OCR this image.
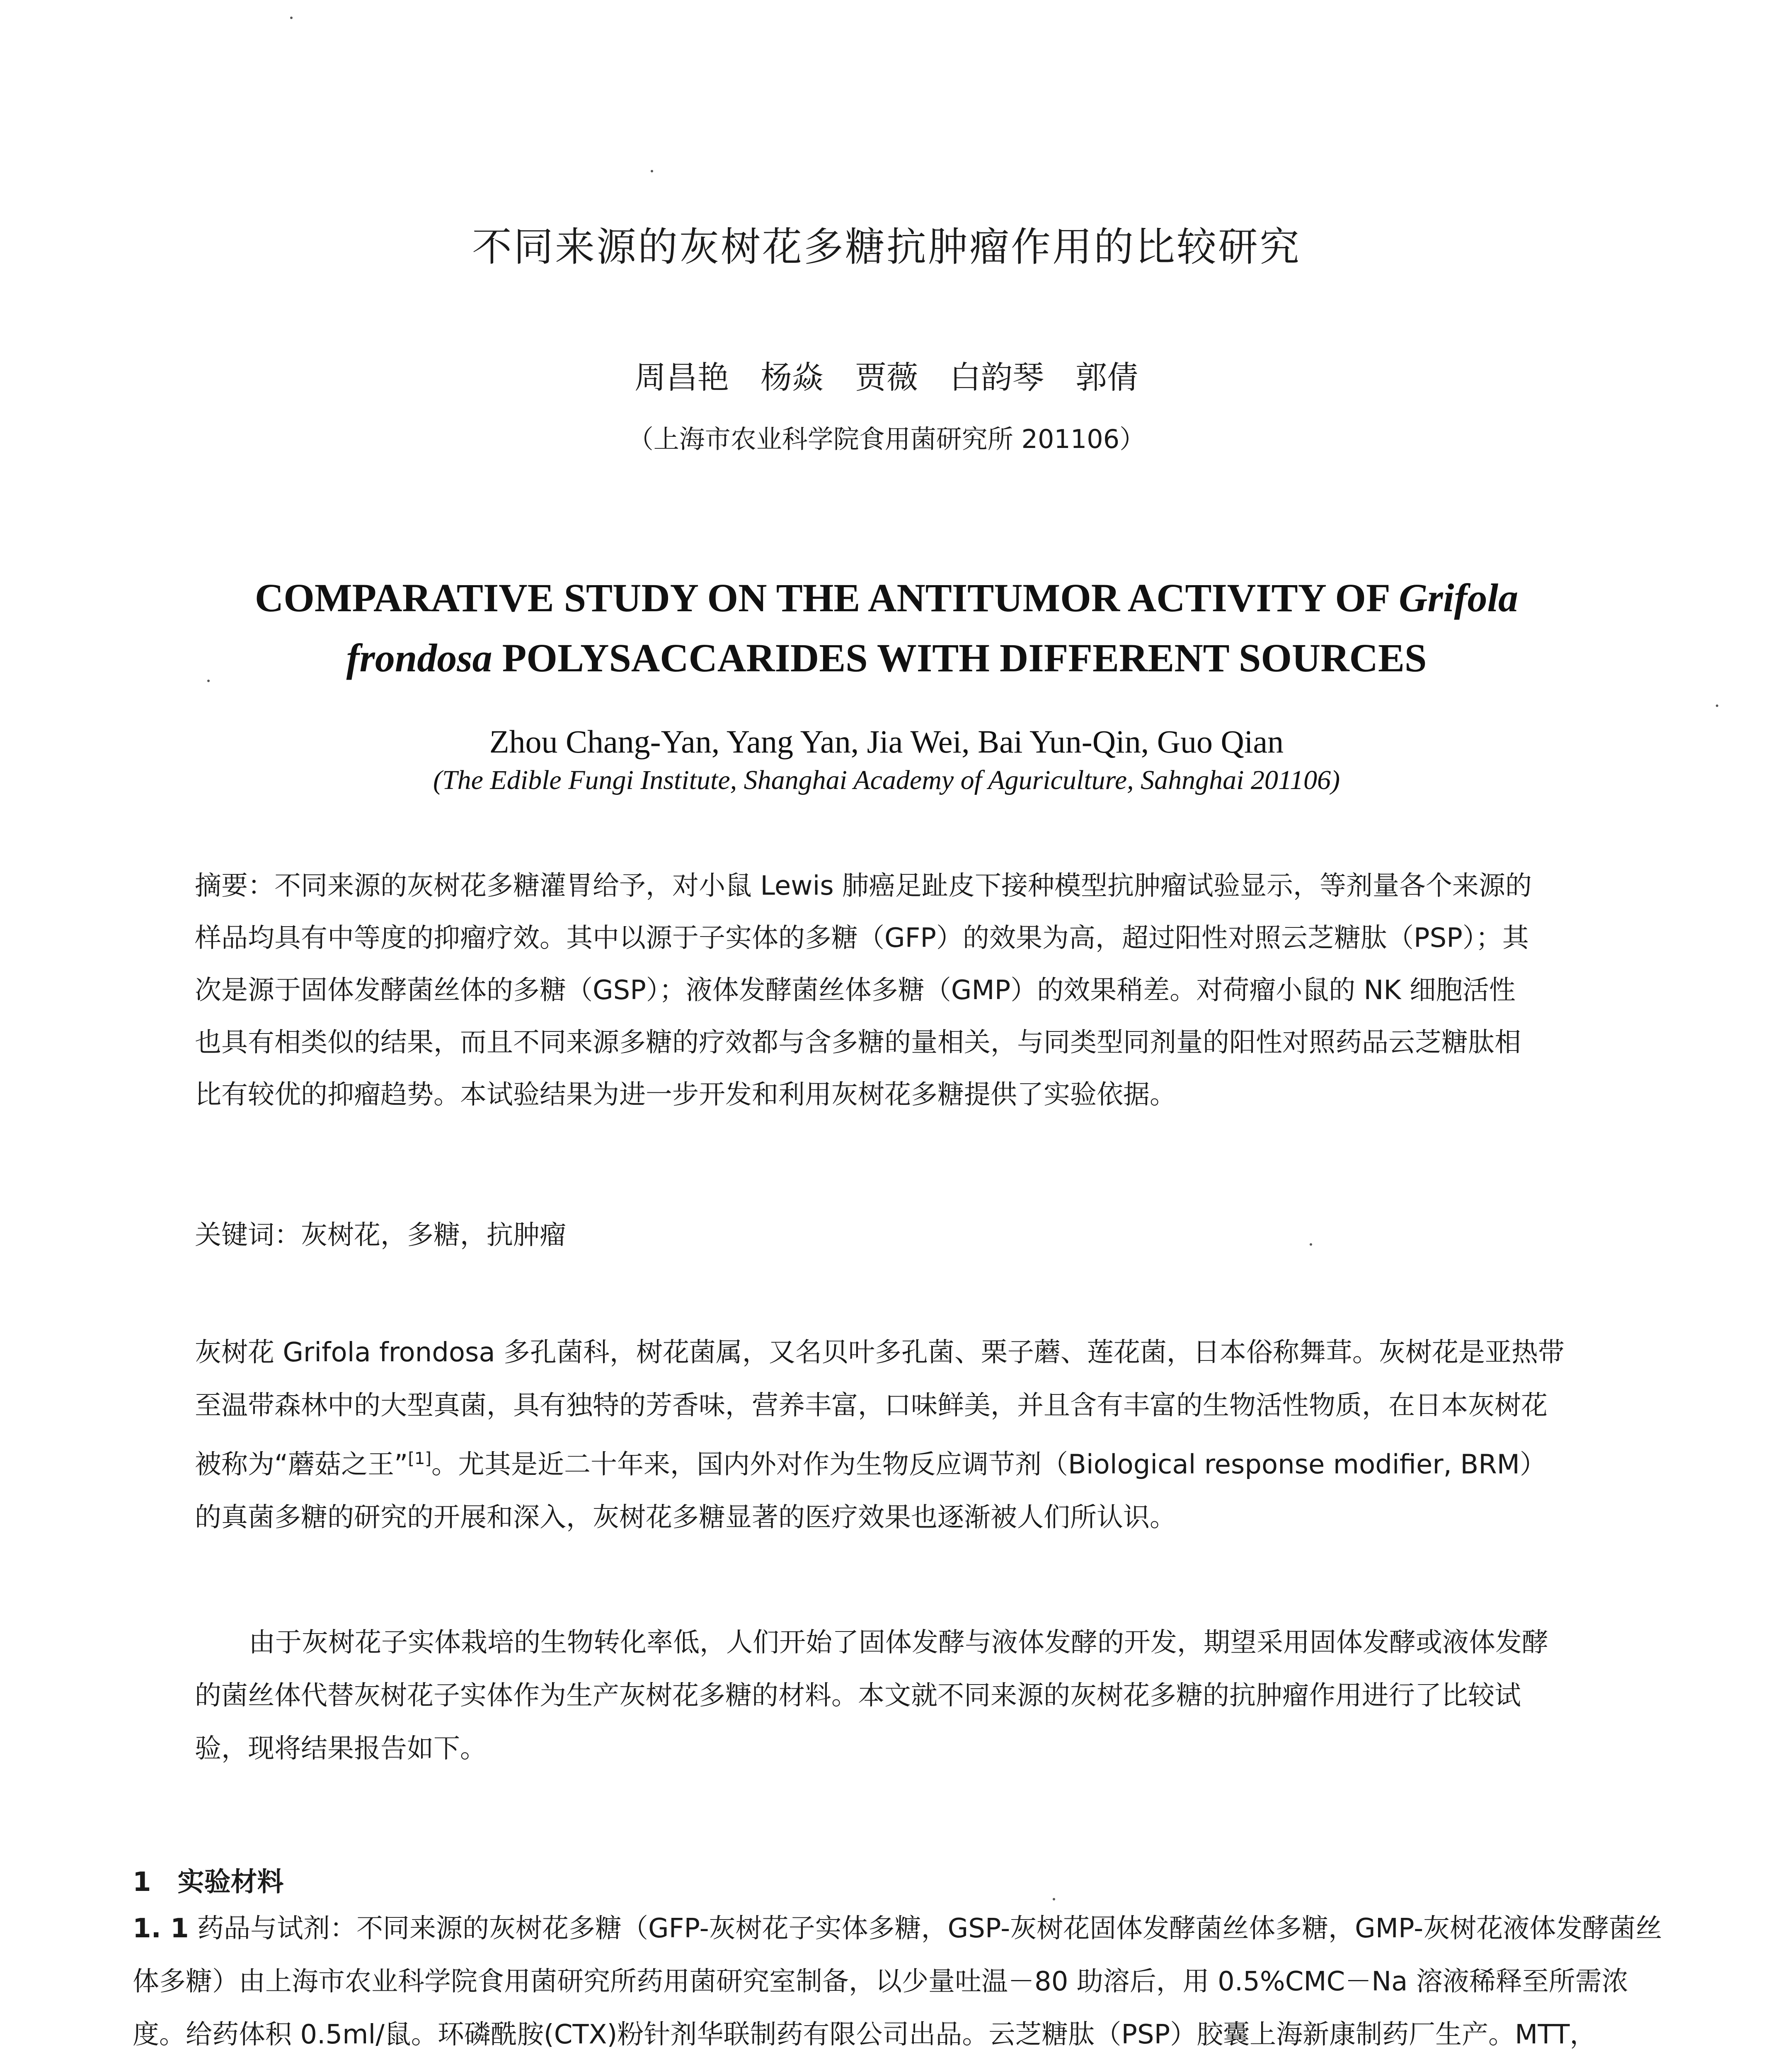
不同来源的灰树花多糖抗肿瘤作用的比较研究
周昌艳　杨焱　贾薇　白韵琴　郭倩
（上海市农业科学院食用菌研究所 201106）
COMPARATIVE STUDY ON THE ANTITUMOR ACTIVITY OF Grifola
frondosa POLYSACCARIDES WITH DIFFERENT SOURCES
Zhou Chang-Yan, Yang Yan, Jia Wei, Bai Yun-Qin, Guo Qian
(The Edible Fungi Institute, Shanghai Academy of Aguriculture, Sahnghai 201106)
摘要：不同来源的灰树花多糖灌胃给予，对小鼠 Lewis 肺癌足趾皮下接种模型抗肿瘤试验显示，等剂量各个来源的样品均具有中等度的抑瘤疗效。其中以源于子实体的多糖（GFP）的效果为高，超过阳性对照云芝糖肽（PSP）；其次是源于固体发酵菌丝体的多糖（GSP）；液体发酵菌丝体多糖（GMP）的效果稍差。对荷瘤小鼠的 NK 细胞活性也具有相类似的结果，而且不同来源多糖的疗效都与含多糖的量相关，与同类型同剂量的阳性对照药品云芝糖肽相比有较优的抑瘤趋势。本试验结果为进一步开发和利用灰树花多糖提供了实验依据。
关键词：灰树花，多糖，抗肿瘤
灰树花 Grifola frondosa 多孔菌科，树花菌属，又名贝叶多孔菌、栗子蘑、莲花菌，日本俗称舞茸。灰树花是亚热带至温带森林中的大型真菌，具有独特的芳香味，营养丰富，口味鲜美，并且含有丰富的生物活性物质，在日本灰树花被称为“蘑菇之王”[1]。尤其是近二十年来，国内外对作为生物反应调节剂（Biological response modifier, BRM）的真菌多糖的研究的开展和深入，灰树花多糖显著的医疗效果也逐渐被人们所认识。
由于灰树花子实体栽培的生物转化率低，人们开始了固体发酵与液体发酵的开发，期望采用固体发酵或液体发酵的菌丝体代替灰树花子实体作为生产灰树花多糖的材料。本文就不同来源的灰树花多糖的抗肿瘤作用进行了比较试验，现将结果报告如下。
1　实验材料
1. 1 药品与试剂：不同来源的灰树花多糖（GFP-灰树花子实体多糖，GSP-灰树花固体发酵菌丝体多糖，GMP-灰树花液体发酵菌丝体多糖）由上海市农业科学院食用菌研究所药用菌研究室制备，以少量吐温－80 助溶后，用 0.5%CMC－Na 溶液稀释至所需浓度。给药体积 0.5ml/鼠。环磷酰胺(CTX)粉针剂华联制药有限公司出品。云芝糖肽（PSP）胶囊上海新康制药厂生产。MTT，
